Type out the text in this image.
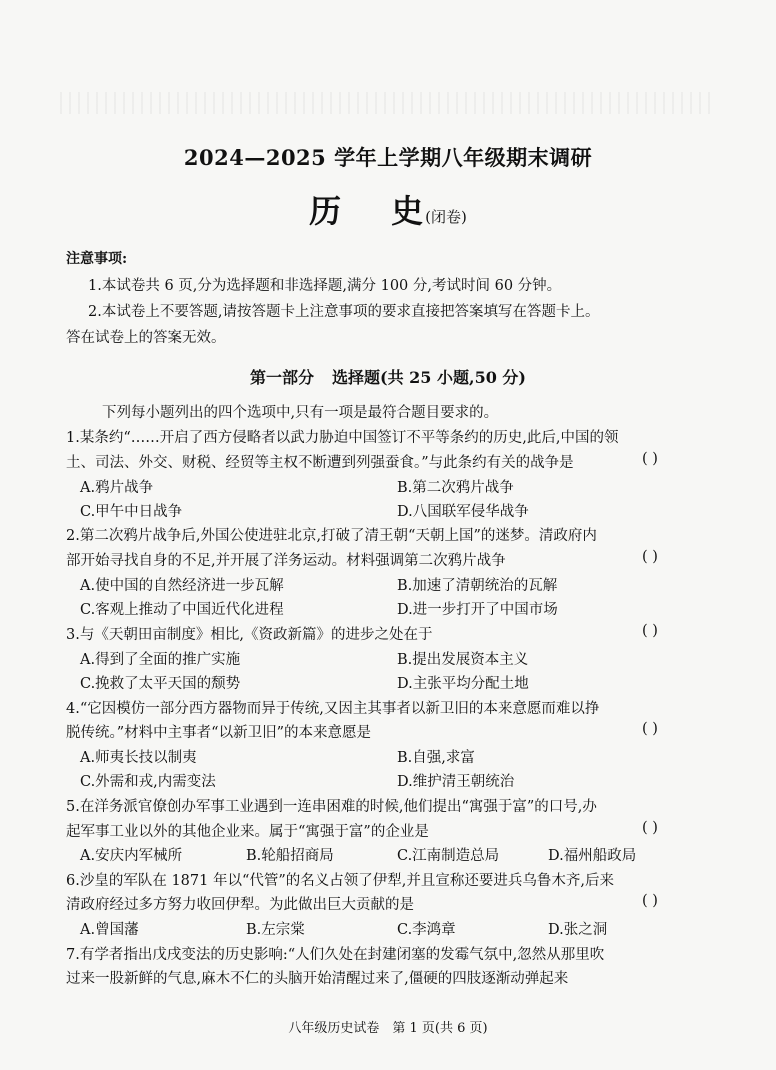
2024—2025 学年上学期八年级期末调研
历 史(闭卷)
注意事项:
1.本试卷共 6 页,分为选择题和非选择题,满分 100 分,考试时间 60 分钟。
2.本试卷上不要答题,请按答题卡上注意事项的要求直接把答案填写在答题卡上。
答在试卷上的答案无效。
第一部分 选择题(共 25 小题,50 分)
下列每小题列出的四个选项中,只有一项是最符合题目要求的。
1.某条约“……开启了西方侵略者以武力胁迫中国签订不平等条约的历史,此后,中国的领
土、司法、外交、财税、经贸等主权不断遭到列强蚕食。”与此条约有关的战争是	( )
A.鸦片战争	B.第二次鸦片战争
C.甲午中日战争	D.八国联军侵华战争
2.第二次鸦片战争后,外国公使进驻北京,打破了清王朝“天朝上国”的迷梦。清政府内
部开始寻找自身的不足,并开展了洋务运动。材料强调第二次鸦片战争	( )
A.使中国的自然经济进一步瓦解	B.加速了清朝统治的瓦解
C.客观上推动了中国近代化进程	D.进一步打开了中国市场
3.与《天朝田亩制度》相比,《资政新篇》的进步之处在于	( )
A.得到了全面的推广实施	B.提出发展资本主义
C.挽救了太平天国的颓势	D.主张平均分配土地
4.“它因模仿一部分西方器物而异于传统,又因主其事者以新卫旧的本来意愿而难以挣
脱传统。”材料中主事者“以新卫旧”的本来意愿是	( )
A.师夷长技以制夷	B.自强,求富
C.外需和戎,内需变法	D.维护清王朝统治
5.在洋务派官僚创办军事工业遇到一连串困难的时候,他们提出“寓强于富”的口号,办
起军事工业以外的其他企业来。属于“寓强于富”的企业是	( )
A.安庆内军械所	B.轮船招商局	C.江南制造总局	D.福州船政局
6.沙皇的军队在 1871 年以“代管”的名义占领了伊犁,并且宣称还要进兵乌鲁木齐,后来
清政府经过多方努力收回伊犁。为此做出巨大贡献的是	( )
A.曾国藩	B.左宗棠	C.李鸿章	D.张之洞
7.有学者指出戊戌变法的历史影响:“人们久处在封建闭塞的发霉气氛中,忽然从那里吹
过来一股新鲜的气息,麻木不仁的头脑开始清醒过来了,僵硬的四肢逐渐动弹起来
八年级历史试卷　第 1 页(共 6 页)
